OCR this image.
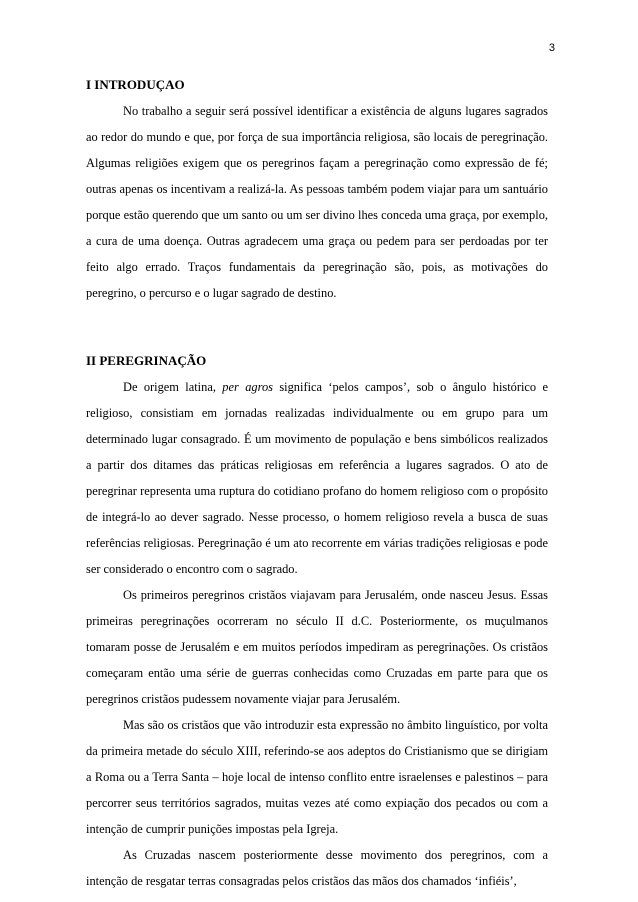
3
I INTRODUÇAO

No trabalho a seguir será possível identificar a existência de alguns lugares sagrados ao redor do mundo e que, por força de sua importância religiosa, são locais de peregrinação. Algumas religiões exigem que os peregrinos façam a peregrinação como expressão de fé; outras apenas os incentivam a realizá-la. As pessoas também podem viajar para um santuário porque estão querendo que um santo ou um ser divino lhes conceda uma graça, por exemplo, a cura de uma doença. Outras agradecem uma graça ou pedem para ser perdoadas por ter feito algo errado. Traços fundamentais da peregrinação são, pois, as motivações do peregrino, o percurso e o lugar sagrado de destino.

II PEREGRINAÇÃO

De origem latina, per agros significa ‘pelos campos’, sob o ângulo histórico e religioso, consistiam em jornadas realizadas individualmente ou em grupo para um determinado lugar consagrado. É um movimento de população e bens simbólicos realizados a partir dos ditames das práticas religiosas em referência a lugares sagrados. O ato de peregrinar representa uma ruptura do cotidiano profano do homem religioso com o propósito de integrá-lo ao dever sagrado. Nesse processo, o homem religioso revela a busca de suas referências religiosas. Peregrinação é um ato recorrente em várias tradições religiosas e pode ser considerado o encontro com o sagrado.

Os primeiros peregrinos cristãos viajavam para Jerusalém, onde nasceu Jesus. Essas primeiras peregrinações ocorreram no século II d.C. Posteriormente, os muçulmanos tomaram posse de Jerusalém e em muitos períodos impediram as peregrinações. Os cristãos começaram então uma série de guerras conhecidas como Cruzadas em parte para que os peregrinos cristãos pudessem novamente viajar para Jerusalém.

Mas são os cristãos que vão introduzir esta expressão no âmbito linguístico, por volta da primeira metade do século XIII, referindo-se aos adeptos do Cristianismo que se dirigiam a Roma ou a Terra Santa – hoje local de intenso conflito entre israelenses e palestinos – para percorrer seus territórios sagrados, muitas vezes até como expiação dos pecados ou com a intenção de cumprir punições impostas pela Igreja.

As Cruzadas nascem posteriormente desse movimento dos peregrinos, com a intenção de resgatar terras consagradas pelos cristãos das mãos dos chamados ‘infiéis’,
